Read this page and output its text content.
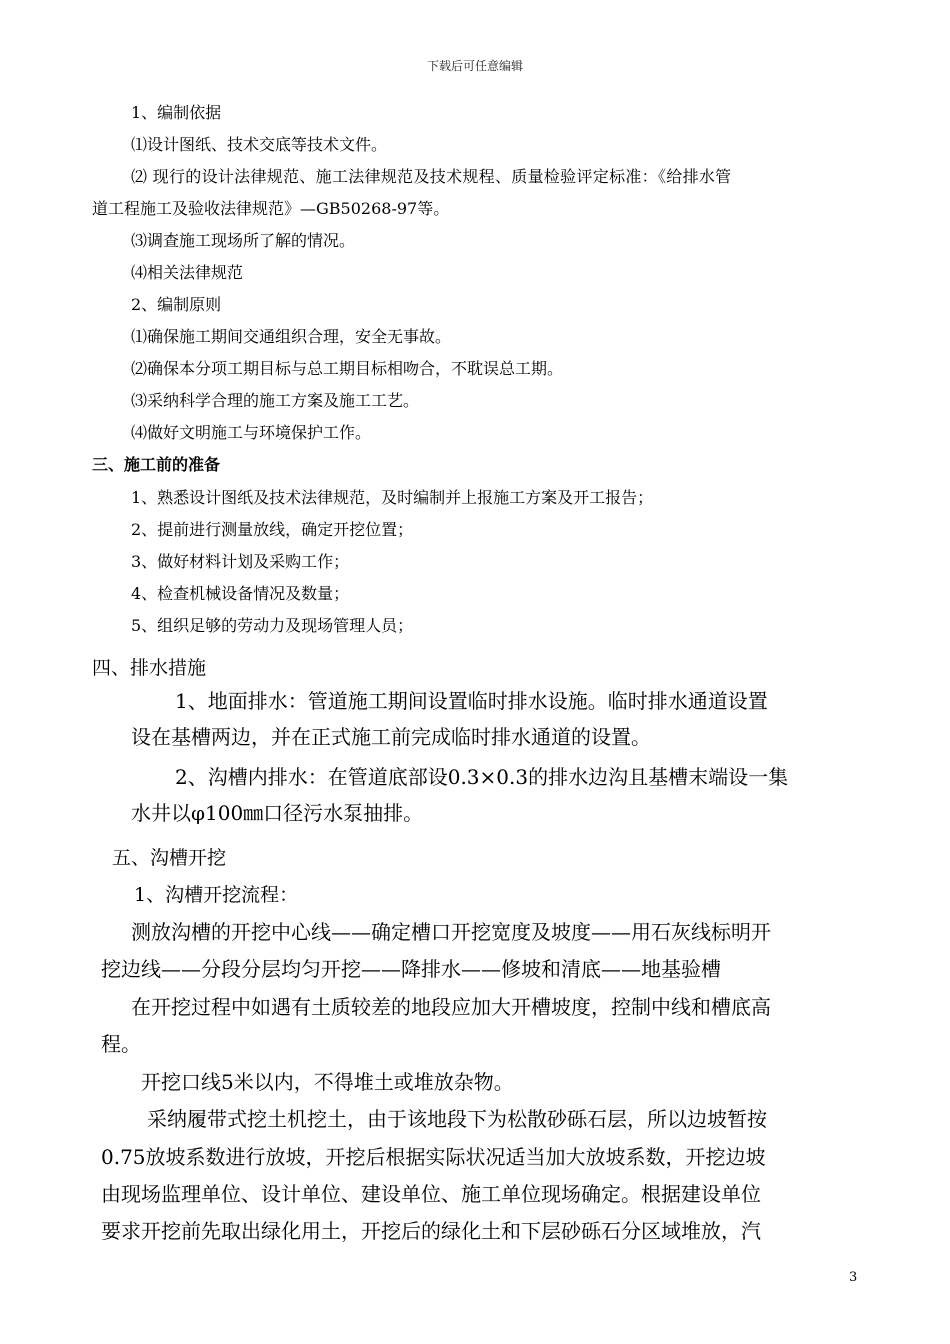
下载后可任意编辑
1、编制依据
⑴设计图纸、技术交底等技术文件。
⑵ 现行的设计法律规范、施工法律规范及技术规程、质量检验评定标准：《给排水管
道工程施工及验收法律规范》—GB50268-97等。
⑶调查施工现场所了解的情况。
⑷相关法律规范
2、编制原则
⑴确保施工期间交通组织合理，安全无事故。
⑵确保本分项工期目标与总工期目标相吻合，不耽误总工期。
⑶采纳科学合理的施工方案及施工工艺。
⑷做好文明施工与环境保护工作。
三、施工前的准备
1、熟悉设计图纸及技术法律规范，及时编制并上报施工方案及开工报告；
2、提前进行测量放线，确定开挖位置；
3、做好材料计划及采购工作；
4、检查机械设备情况及数量；
5、组织足够的劳动力及现场管理人员；
四、排水措施
1、地面排水：管道施工期间设置临时排水设施。临时排水通道设置
设在基槽两边，并在正式施工前完成临时排水通道的设置。
2、沟槽内排水：在管道底部设0.3×0.3的排水边沟且基槽末端设一集
水井以φ100㎜口径污水泵抽排。
五、沟槽开挖
1、沟槽开挖流程：
测放沟槽的开挖中心线——确定槽口开挖宽度及坡度——用石灰线标明开
挖边线——分段分层均匀开挖——降排水——修坡和清底——地基验槽
在开挖过程中如遇有土质较差的地段应加大开槽坡度，控制中线和槽底高
程。
开挖口线5米以内，不得堆土或堆放杂物。
采纳履带式挖土机挖土，由于该地段下为松散砂砾石层，所以边坡暂按
0.75放坡系数进行放坡，开挖后根据实际状况适当加大放坡系数，开挖边坡
由现场监理单位、设计单位、建设单位、施工单位现场确定。根据建设单位
要求开挖前先取出绿化用土，开挖后的绿化土和下层砂砾石分区域堆放，汽
3
